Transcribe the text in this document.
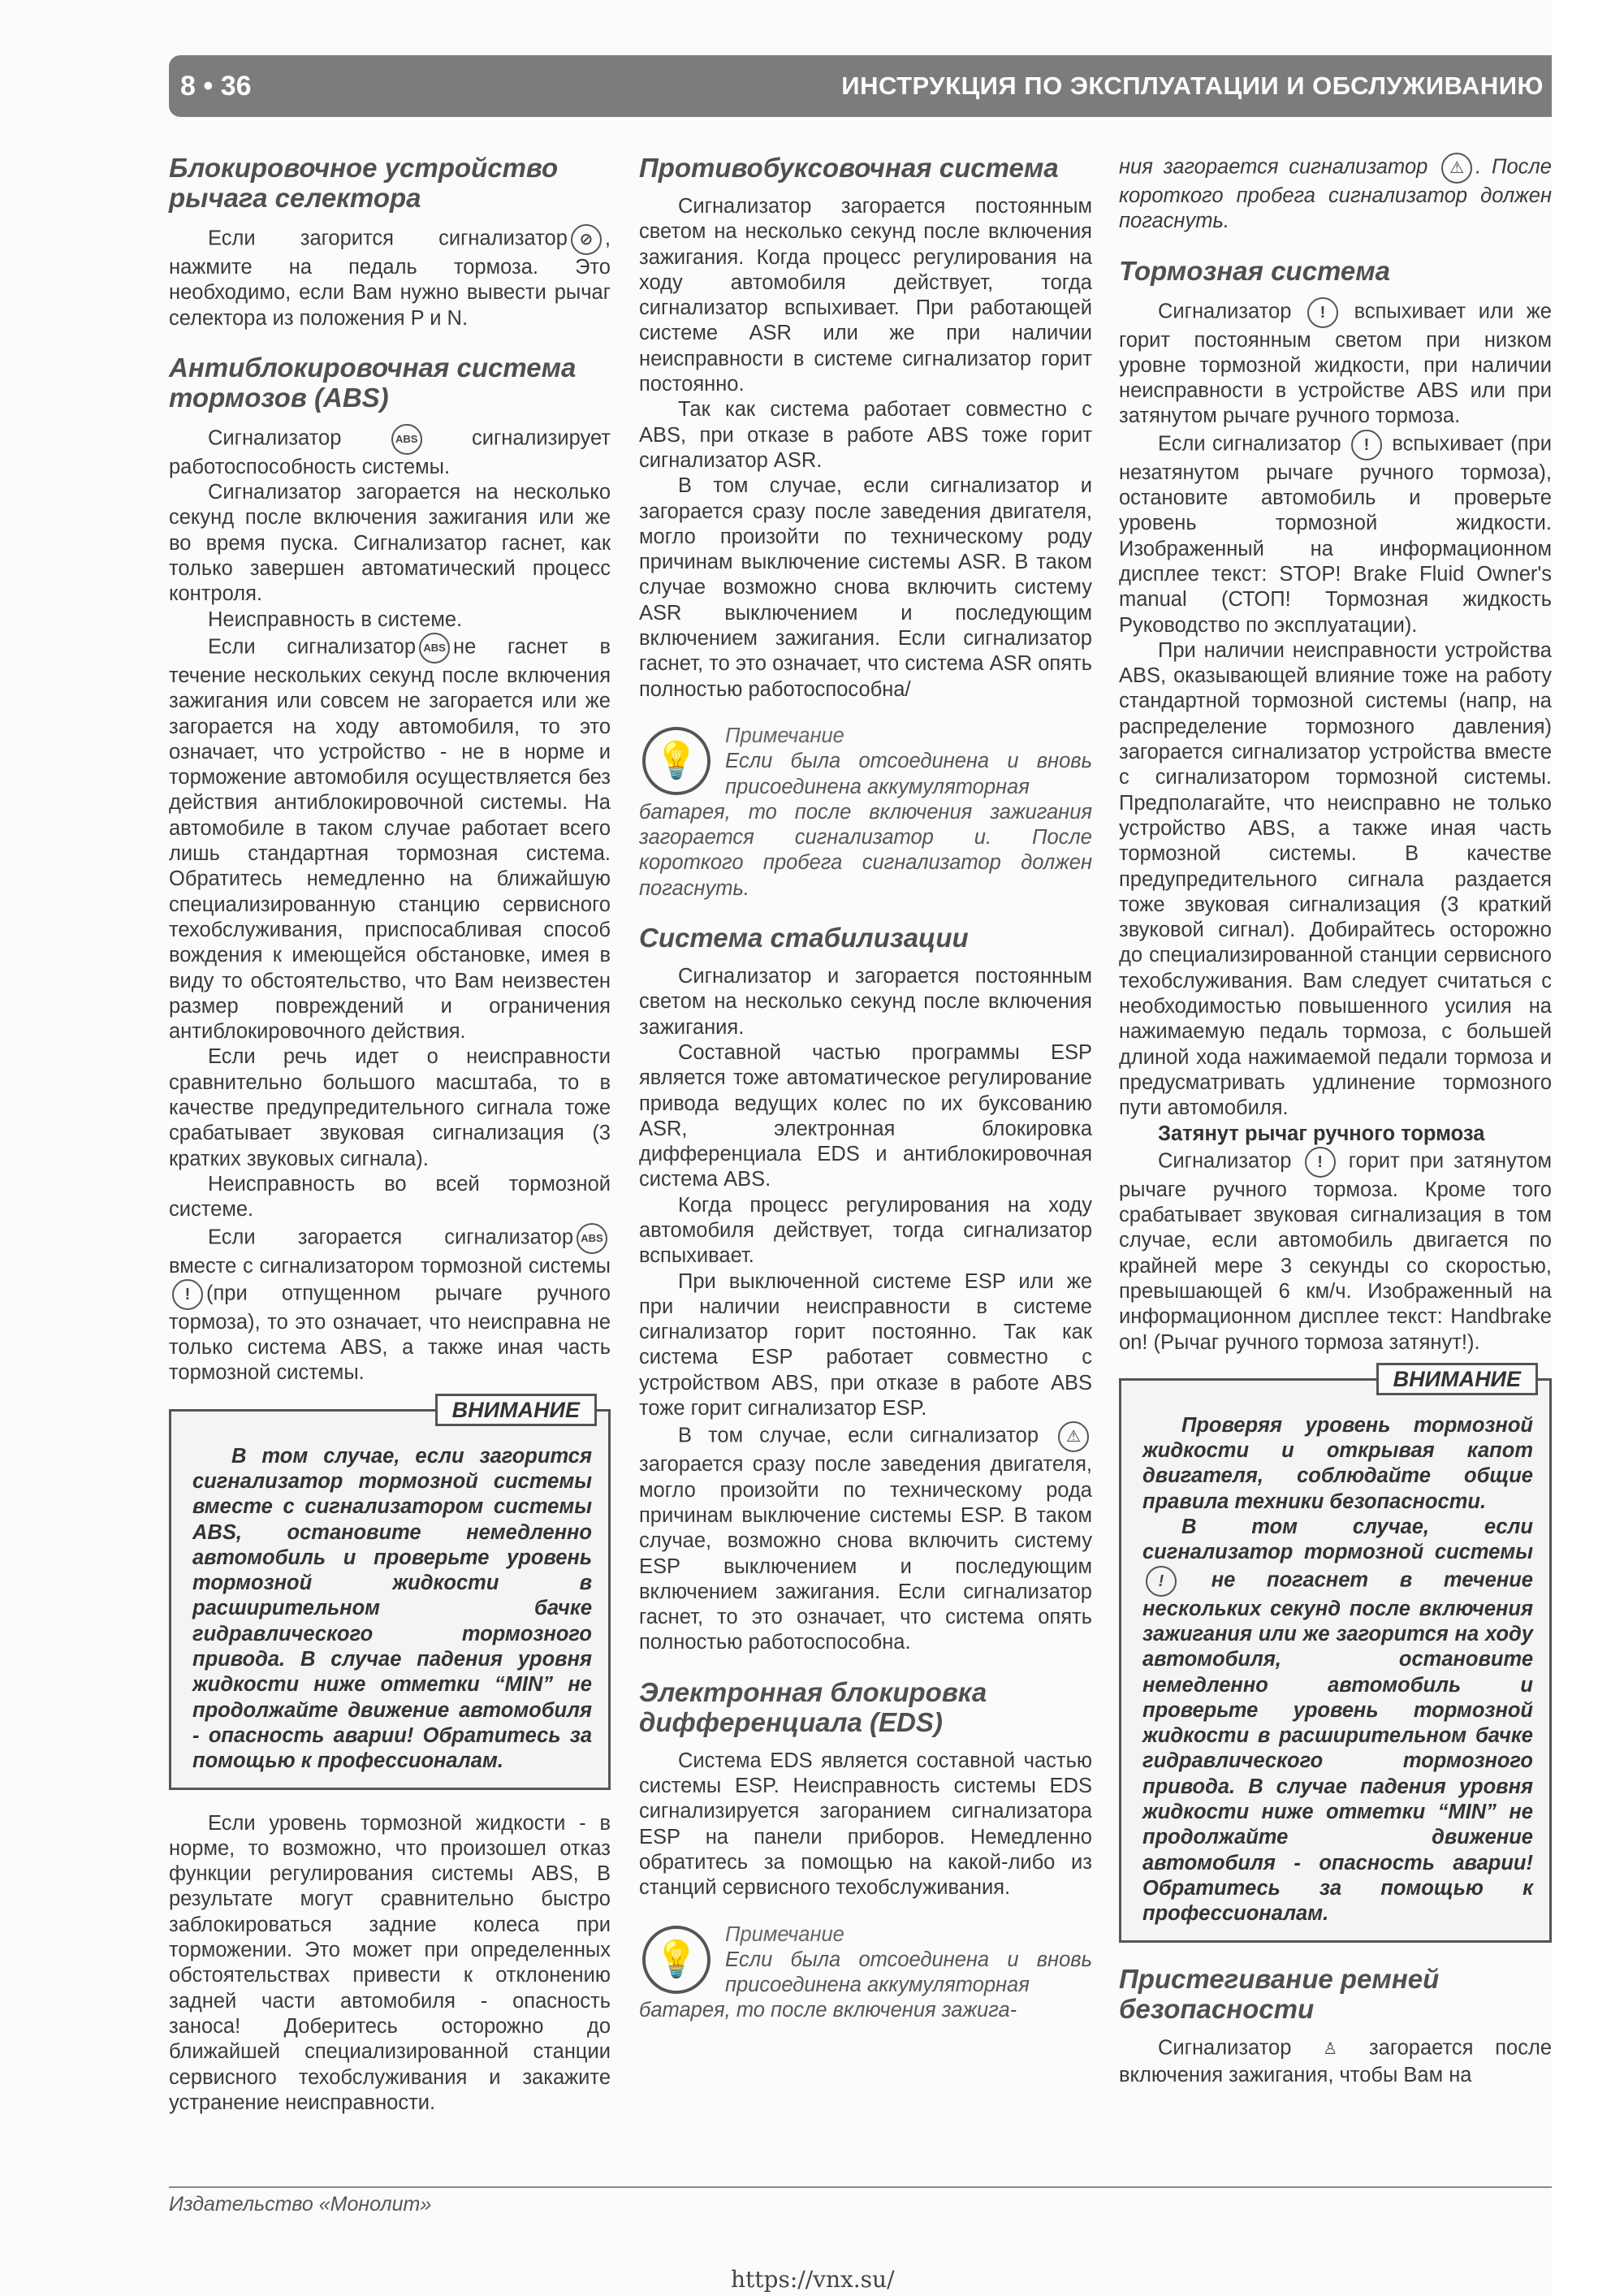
8 • 36	ИНСТРУКЦИЯ ПО ЭКСПЛУАТАЦИИ И ОБСЛУЖИВАНИЮ
Блокировочное устройство рычага селектора

Если загорится сигнализатор ⊘ , нажмите на педаль тормоза. Это необходимо, если Вам нужно вывести рычаг селектора из положения P и N.

Антиблокировочная система тормозов (ABS)

Сигнализатор	ABS	сигнализирует работоспособность системы.

Сигнализатор загорается на несколько секунд после включения зажигания или же во время пуска. Сигнализатор гаснет, как только завершен автоматический процесс контроля.

Неисправность в системе.

Если сигнализатор ABS не гаснет в течение нескольких секунд после включения зажигания или совсем не загорается или же загорается на ходу автомобиля, то это означает, что устройство - не в норме и торможение автомобиля осуществляется без действия антиблокировочной системы. На автомобиле в таком случае работает всего лишь стандартная тормозная система. Обратитесь немедленно на ближайшую специализированную станцию сервисного техобслуживания, приспосабливая способ вождения к имеющейся обстановке, имея в виду то обстоятельство, что Вам неизвестен размер повреждений и ограничения антиблокировочного действия.

Если речь идет о неисправности сравнительно большого масштаба, то в качестве предупредительного сигнала тоже срабатывает звуковая сигнализация (3 кратких звуковых сигнала).

Неисправность во всей тормозной системе.

Если загорается сигнализатор ABS вместе с сигнализатором тормозной системы! (при отпущенном рычаге ручного тормоза), то это означает, что неисправна не только система ABS, а также иная часть тормозной системы.

ВНИМАНИЕ

В том случае, если загорится сигнализатор тормозной системы вместе с сигнализатором системы ABS, остановите немедленно автомобиль и проверьте уровень тормозной жидкости в расширительном бачке гидравлического тормозного привода. В случае падения уровня жидкости ниже отметки “MIN” не продолжайте движение автомобиля - опасность аварии! Обратитесь за помощью к профессионалам.

Если уровень тормозной жидкости - в норме, то возможно, что произошел отказ функции регулирования системы ABS, В результате могут сравнительно быстро заблокироваться задние колеса при торможении. Это может при определенных обстоятельствах привести к отклонению задней части автомобиля - опасность заноса! Доберитесь осторожно до ближайшей специализированной станции сервисного техобслуживания и закажите устранение неисправности.

Противобуксовочная система

Сигнализатор загорается постоянным светом на несколько секунд после включения зажигания. Когда процесс регулирования на ходу автомобиля действует, тогда сигнализатор вспыхивает. При работающей системе ASR или же при наличии неисправности в системе сигнализатор горит постоянно.

Так как система работает совместно с ABS, при отказе в работе ABS тоже горит сигнализатор ASR.

В том случае, если сигнализатор и загорается сразу после заведения двигателя, могло произойти по техническому роду причинам выключение системы ASR. В таком случае возможно снова включить систему ASR выключением и последующим включением зажигания. Если сигнализатор гаснет, то это означает, что система ASR опять полностью работоспособна/

💡
Примечание
Если была отсоединена и вновь присоединена аккумуляторная
батарея, то после включения зажигания загорается сигнализатор и. После короткого пробега сигнализатор должен погаснуть.
Система стабилизации

Сигнализатор и загорается постоянным светом на несколько секунд после включения зажигания.

Составной частью программы ESP является тоже автоматическое регулирование привода ведущих колес по их буксованию ASR, электронная блокировка дифференциала EDS и антиблокировочная система ABS.

Когда процесс регулирования на ходу автомобиля действует, тогда сигнализатор вспыхивает.

При выключенной системе ESP или же при наличии неисправности в системе сигнализатор горит постоянно. Так как система ESP работает совместно с устройством ABS, при отказе в работе ABS тоже горит сигнализатор ESP.

В том случае, если сигнализатор ⚠ загорается сразу после заведения двигателя, могло произойти по техническому рода причинам выключение системы ESP. В таком случае, возможно снова включить систему ESP выключением и последующим включением зажигания. Если сигнализатор гаснет, то это означает, что система опять полностью работоспособна.

Электронная блокировка дифференциала (EDS)

Система EDS является составной частью системы ESP. Неисправность системы EDS сигнализируется загоранием сигнализатора ESP на панели приборов. Немедленно обратитесь за помощью на какой-либо из станций сервисного техобслуживания.

💡
Примечание
Если была отсоединена и вновь присоединена аккумуляторная
батарея, то после включения зажига-

ния загорается сигнализатор ⚠ . После короткого пробега сигнализатор должен погаснуть.

Тормозная система

Сигнализатор ! вспыхивает или же горит постоянным светом при низком уровне тормозной жидкости, при наличии неисправности в устройстве ABS или при затянутом рычаге ручного тормоза.

Если сигнализатор ! вспыхивает (при незатянутом рычаге ручного тормоза), остановите автомобиль и проверьте уровень тормозной жидкости. Изображенный на информационном дисплее текст: STOP! Brake Fluid Owner's manual (СТОП! Тормозная жидкость Руководство по эксплуатации).

При наличии неисправности устройства ABS, оказывающей влияние тоже на работу стандартной тормозной системы (напр, на распределение тормозного давления) загорается сигнализатор устройства вместе с сигнализатором тормозной системы. Предполагайте, что неисправно не только устройство ABS, а также иная часть тормозной системы. В качестве предупредительного сигнала раздается тоже звуковая сигнализация (3 краткий звуковой сигнал). Добирайтесь осторожно до специализированной станции сервисного техобслуживания. Вам следует считаться с необходимостью повышенного усилия на нажимаемую педаль тормоза, с большей длиной хода нажимаемой педали тормоза и предусматривать удлинение тормозного пути автомобиля.

Затянут рычаг ручного тормоза

Сигнализатор ! горит при затянутом рычаге ручного тормоза. Кроме того срабатывает звуковая сигнализация в том случае, если автомобиль двигается по крайней мере 3 секунды со скоростью, превышающей 6 км/ч. Изображенный на информационном дисплее текст: Handbrake on! (Рычаг ручного тормоза затянут!).

ВНИМАНИЕ

Проверяя уровень тормозной жидкости и открывая капот двигателя, соблюдайте общие правила техники безопасности.

В том случае, если сигнализатор тормозной системы ! не погаснет в течение нескольких секунд после включения зажигания или же загорится на ходу автомобиля, остановите немедленно автомобиль и проверьте уровень тормозной жидкости в расширительном бачке гидравлического тормозного привода. В случае падения уровня жидкости ниже отметки “MIN” не продолжайте движение автомобиля - опасность аварии! Обратитесь за помощью к профессионалам.

Пристегивание ремней безопасности

Сигнализатор ♙ загорается после включения зажигания, чтобы Вам на

Издательство «Монолит»
https://vnx.su/
